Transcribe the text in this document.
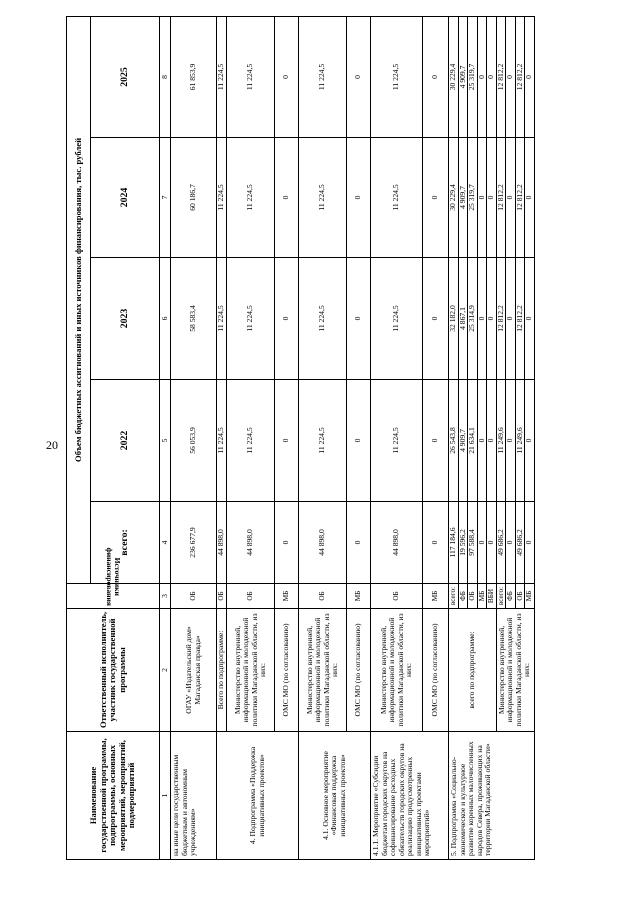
20
Наименование государственной программы, подпрограммы, основных мероприятий, мероприятий, подмероприятий	Ответственный исполнитель, участник государственной программы	Источники финансирования	Объем бюджетных ассигнований и иных источников финансирования, тыс. рублей				
			всего:	2022	2023	2024	2025
1	2	3	4	5	6	7	8
на иные цели государственным бюджетным и автономным учреждениям»	ОГАУ «Издательский дом» Магаданская правда»	ОБ	236 677,9	56 053,9	58 583,4	60 186,7	61 853,9
4. Подпрограмма «Поддержка инициативных проектов»	Всего по подпрограмме:	ОБ	44 898,0	11 224,5	11 224,5	11 224,5	11 224,5
	Министерство внутренней, информационной и молодежной политики Магаданской области, из них:	ОБ	44 898,0	11 224,5	11 224,5	11 224,5	11 224,5
	ОМС МО (по согласованию)	МБ	0	0	0	0	0
4.1. Основное мероприятие «Финансовая поддержка инициативных проектов»	Министерство внутренней, информационной и молодежной политики Магаданской области, из них:	ОБ	44 898,0	11 224,5	11 224,5	11 224,5	11 224,5
	ОМС МО (по согласованию)	МБ	0	0	0	0	0
4.1.1. Мероприятие «Субсидии бюджетам городских округов на софинансирование расходных обязательств городских округов на реализацию продусмотренных инициативных проектами мероприятий»	Министерство внутренней, информационной и молодежной политики Магаданской области, из них:	ОБ	44 898,0	11 224,5	11 224,5	11 224,5	11 224,5
	ОМС МО (по согласованию)	МБ	0	0	0	0	0
5. Подпрограмма «Социально-экономическое и культурное развитие коренных малочисленных народов Севера, проживающих на территории Магаданской области»	всего по подпрограмме:	всего:	117 184,6	26 543,8	32 182,0	30 229,4	30 229,4
		ФБ	19 596,2	4 909,7	4 867,1	4 909,7	4 909,7
		ОБ	97 588,4	21 634,1	25 314,9	25 319,7	25 319,7
		МБ	0	0	0	0	0
		ВБИ	0	0	0	0	0
	Министерство внутренней, информационной и молодежной политики Магаданской области, из них:	всего:	49 686,2	11 249,6	12 812,2	12 812,2	12 812,2
		ФБ	0	0	0	0	0
		ОБ	49 686,2	11 249,6	12 812,2	12 812,2	12 812,2
		МБ	0	0	0	0	0
